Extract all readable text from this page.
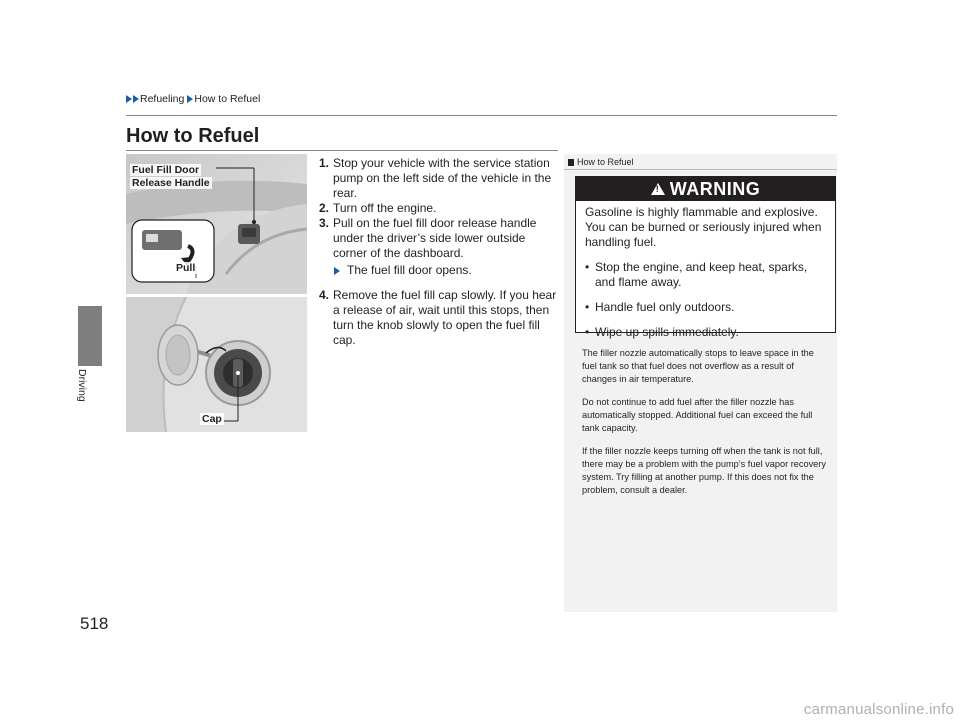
Refueling How to Refuel
Driving
518
How to Refuel
Fuel Fill Door
Release Handle
Pull
Cap
1. Stop your vehicle with the service station pump on the left side of the vehicle in the rear.
2. Turn off the engine.
3. Pull on the fuel fill door release handle under the driver’s side lower outside corner of the dashboard.
The fuel fill door opens.
4. Remove the fuel fill cap slowly. If you hear a release of air, wait until this stops, then turn the knob slowly to open the fuel fill cap.
How to Refuel
!
WARNING

Gasoline is highly flammable and explosive. You can be burned or seriously injured when handling fuel.

• Stop the engine, and keep heat, sparks, and flame away.

• Handle fuel only outdoors.

• Wipe up spills immediately.

The filler nozzle automatically stops to leave space in the fuel tank so that fuel does not overflow as a result of changes in air temperature.

Do not continue to add fuel after the filler nozzle has automatically stopped. Additional fuel can exceed the full tank capacity.

If the filler nozzle keeps turning off when the tank is not full, there may be a problem with the pump’s fuel vapor recovery system. Try filling at another pump. If this does not fix the problem, consult a dealer.

carmanualsonline.info
